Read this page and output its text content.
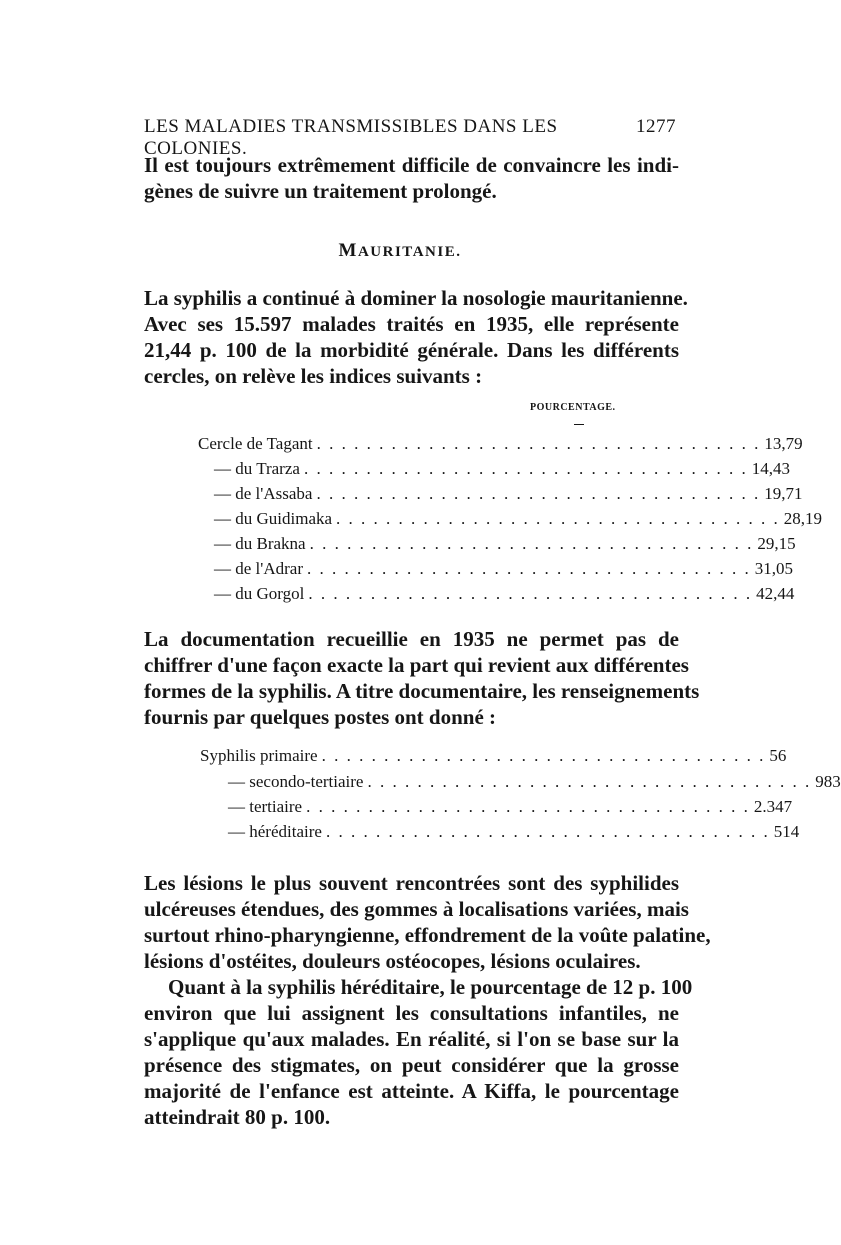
LES MALADIES TRANSMISSIBLES DANS LES COLONIES.
1277
Il est toujours extrêmement difficile de convaincre les indi-
gènes de suivre un traitement prolongé.
MAURITANIE.
La syphilis a continué à dominer la nosologie mauritanienne.
Avec ses 15.597 malades traités en 1935, elle représente
21,44 p. 100 de la morbidité générale. Dans les différents
cercles, on relève les indices suivants :
POURCENTAGE.
Cercle de Tagant . . . . . . . . . . . . . . . . . . . . . . . . . . . . . . . . . . . . 13,79
— du Trarza . . . . . . . . . . . . . . . . . . . . . . . . . . . . . . . . . . . . 14,43
— de l'Assaba . . . . . . . . . . . . . . . . . . . . . . . . . . . . . . . . . . . . 19,71
— du Guidimaka . . . . . . . . . . . . . . . . . . . . . . . . . . . . . . . . . . . . 28,19
— du Brakna . . . . . . . . . . . . . . . . . . . . . . . . . . . . . . . . . . . . 29,15
— de l'Adrar . . . . . . . . . . . . . . . . . . . . . . . . . . . . . . . . . . . . 31,05
— du Gorgol . . . . . . . . . . . . . . . . . . . . . . . . . . . . . . . . . . . . 42,44
La documentation recueillie en 1935 ne permet pas de
chiffrer d'une façon exacte la part qui revient aux différentes
formes de la syphilis. A titre documentaire, les renseignements
fournis par quelques postes ont donné :
Syphilis primaire . . . . . . . . . . . . . . . . . . . . . . . . . . . . . . . . . . . . 56
— secondo-tertiaire . . . . . . . . . . . . . . . . . . . . . . . . . . . . . . . . . . . . 983
— tertiaire . . . . . . . . . . . . . . . . . . . . . . . . . . . . . . . . . . . . 2.347
— héréditaire . . . . . . . . . . . . . . . . . . . . . . . . . . . . . . . . . . . . 514
Les lésions le plus souvent rencontrées sont des syphilides
ulcéreuses étendues, des gommes à localisations variées, mais
surtout rhino-pharyngienne, effondrement de la voûte palatine,
lésions d'ostéites, douleurs ostéocopes, lésions oculaires.
Quant à la syphilis héréditaire, le pourcentage de 12 p. 100
environ que lui assignent les consultations infantiles, ne
s'applique qu'aux malades. En réalité, si l'on se base sur la
présence des stigmates, on peut considérer que la grosse
majorité de l'enfance est atteinte. A Kiffa, le pourcentage
atteindrait 80 p. 100.
